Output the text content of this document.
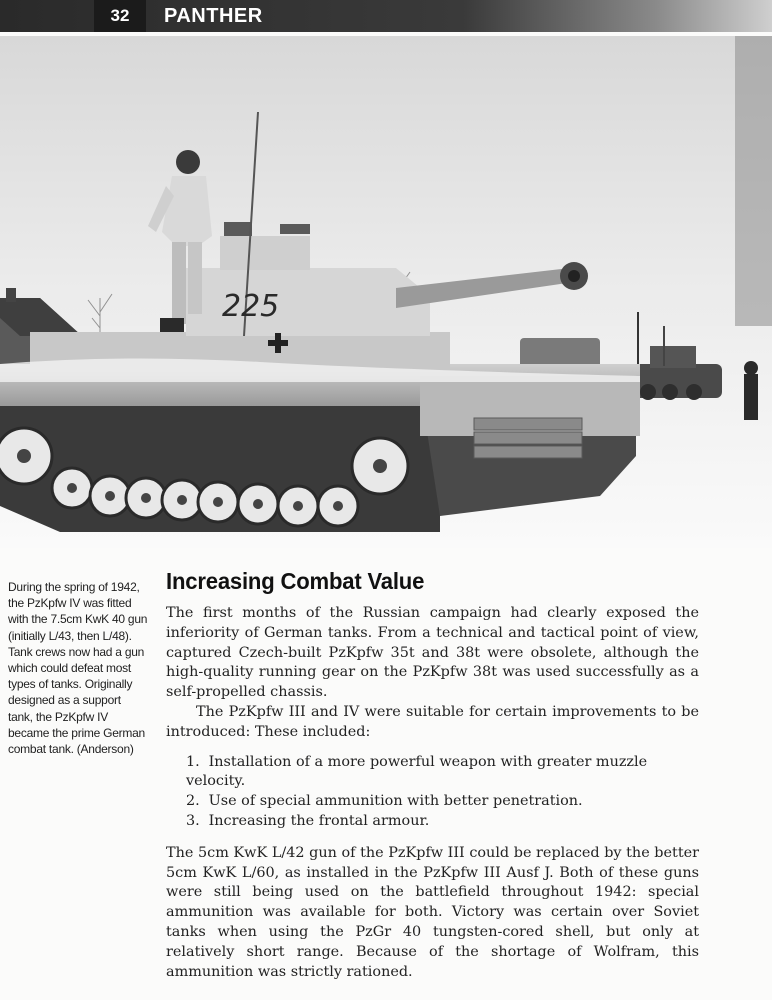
32	PANTHER
225
During the spring of 1942, the PzKpfw IV was fitted with the 7.5cm KwK 40 gun (initially L/43, then L/48). Tank crews now had a gun which could defeat most types of tanks. Originally designed as a support tank, the PzKpfw IV became the prime German combat tank. (Anderson)
Increasing Combat Value

The first months of the Russian campaign had clearly exposed the inferiority of German tanks. From a technical and tactical point of view, captured Czech-built PzKpfw 35t and 38t were obsolete, although the high-quality running gear on the PzKpfw 38t was used successfully as a self-propelled chassis.

The PzKpfw III and IV were suitable for certain improvements to be introduced: These included:

1. Installation of a more powerful weapon with greater muzzle velocity.
2. Use of special ammunition with better penetration.
3. Increasing the frontal armour.

The 5cm KwK L/42 gun of the PzKpfw III could be replaced by the better 5cm KwK L/60, as installed in the PzKpfw III Ausf J. Both of these guns were still being used on the battlefield throughout 1942: special ammunition was available for both. Victory was certain over Soviet tanks when using the PzGr 40 tungsten-cored shell, but only at relatively short range. Because of the shortage of Wolfram, this ammunition was strictly rationed.
